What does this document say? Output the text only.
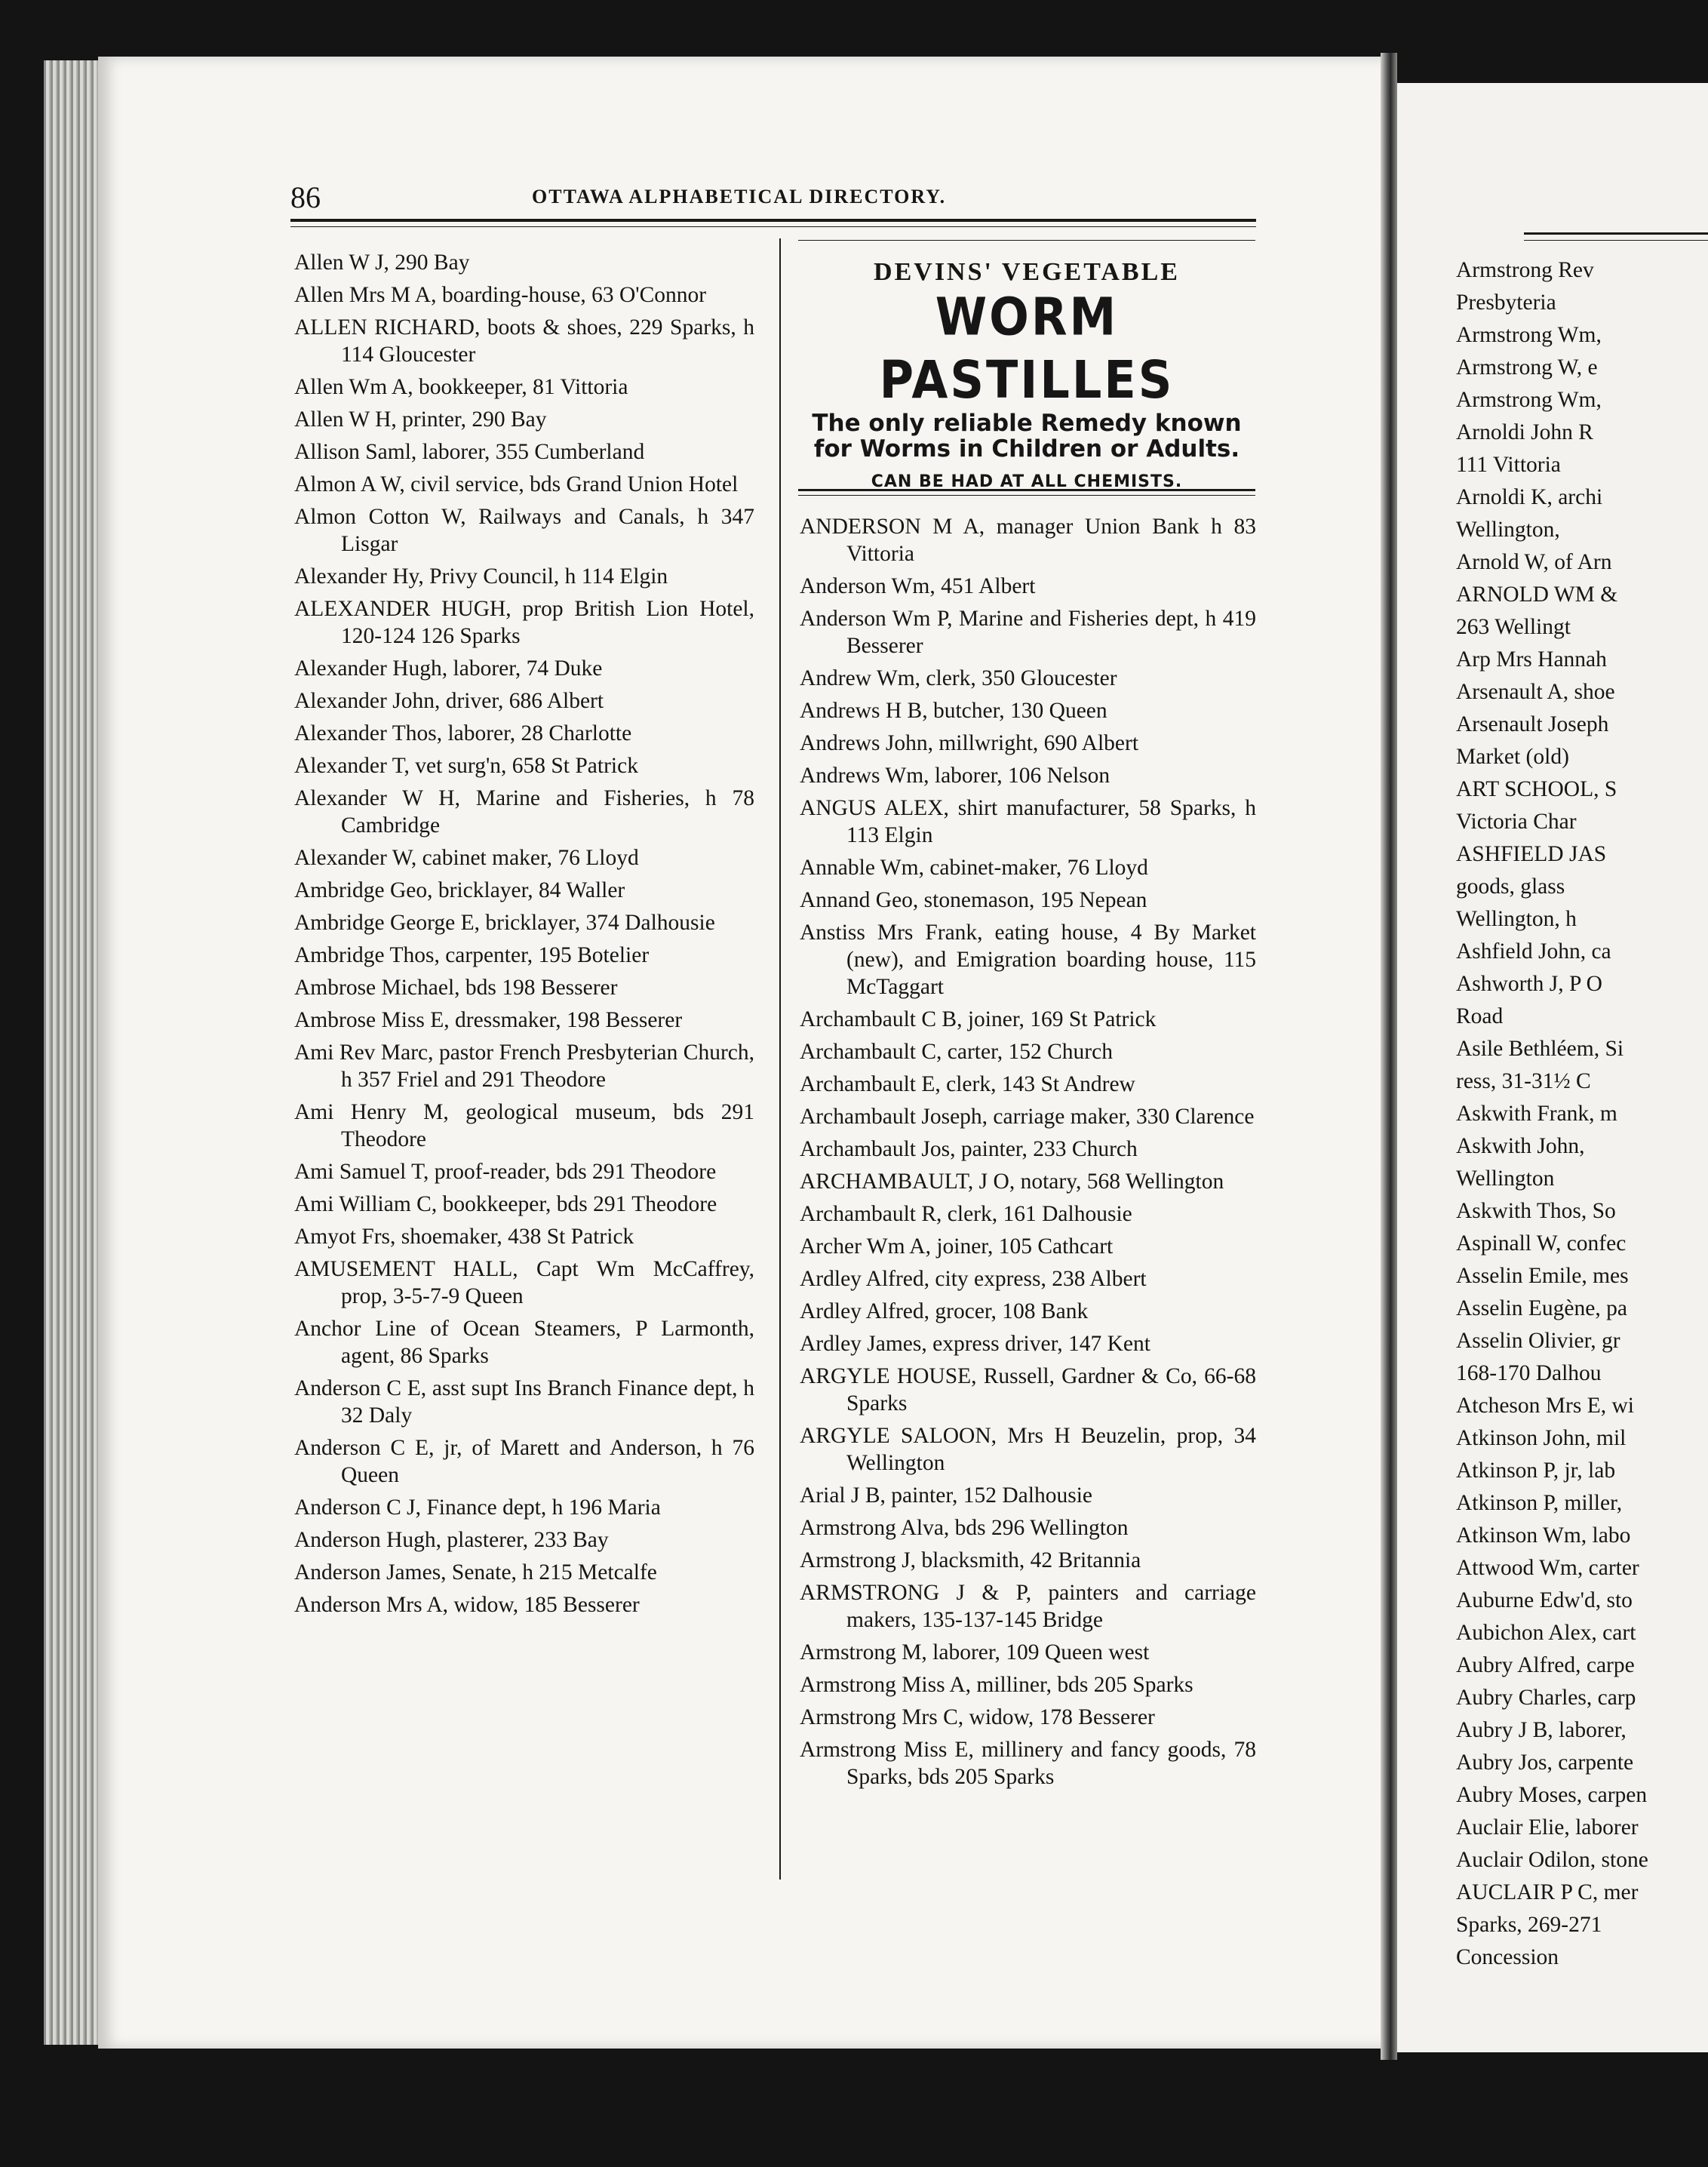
86	OTTAWA ALPHABETICAL DIRECTORY.
Allen W J, 290 Bay
Allen Mrs M A, boarding-house, 63 O'Connor
ALLEN RICHARD, boots & shoes, 229 Sparks, h 114 Gloucester
Allen Wm A, bookkeeper, 81 Vittoria
Allen W H, printer, 290 Bay
Allison Saml, laborer, 355 Cumberland
Almon A W, civil service, bds Grand Union Hotel
Almon Cotton W, Railways and Canals, h 347 Lisgar
Alexander Hy, Privy Council, h 114 Elgin
ALEXANDER HUGH, prop British Lion Hotel, 120-124 126 Sparks
Alexander Hugh, laborer, 74 Duke
Alexander John, driver, 686 Albert
Alexander Thos, laborer, 28 Charlotte
Alexander T, vet surg'n, 658 St Patrick
Alexander W H, Marine and Fisheries, h 78 Cambridge
Alexander W, cabinet maker, 76 Lloyd
Ambridge Geo, bricklayer, 84 Waller
Ambridge George E, bricklayer, 374 Dalhousie
Ambridge Thos, carpenter, 195 Botelier
Ambrose Michael, bds 198 Besserer
Ambrose Miss E, dressmaker, 198 Besserer
Ami Rev Marc, pastor French Presbyterian Church, h 357 Friel and 291 Theodore
Ami Henry M, geological museum, bds 291 Theodore
Ami Samuel T, proof-reader, bds 291 Theodore
Ami William C, bookkeeper, bds 291 Theodore
Amyot Frs, shoemaker, 438 St Patrick
AMUSEMENT HALL, Capt Wm McCaffrey, prop, 3-5-7-9 Queen
Anchor Line of Ocean Steamers, P Larmonth, agent, 86 Sparks
Anderson C E, asst supt Ins Branch Finance dept, h 32 Daly
Anderson C E, jr, of Marett and Anderson, h 76 Queen
Anderson C J, Finance dept, h 196 Maria
Anderson Hugh, plasterer, 233 Bay
Anderson James, Senate, h 215 Metcalfe
Anderson Mrs A, widow, 185 Besserer
DEVINS' VEGETABLE
WORM PASTILLES
The only reliable Remedy known for Worms in Children or Adults.
CAN BE HAD AT ALL CHEMISTS.
ANDERSON M A, manager Union Bank h 83 Vittoria
Anderson Wm, 451 Albert
Anderson Wm P, Marine and Fisheries dept, h 419 Besserer
Andrew Wm, clerk, 350 Gloucester
Andrews H B, butcher, 130 Queen
Andrews John, millwright, 690 Albert
Andrews Wm, laborer, 106 Nelson
ANGUS ALEX, shirt manufacturer, 58 Sparks, h 113 Elgin
Annable Wm, cabinet-maker, 76 Lloyd
Annand Geo, stonemason, 195 Nepean
Anstiss Mrs Frank, eating house, 4 By Market (new), and Emigration boarding house, 115 McTaggart
Archambault C B, joiner, 169 St Patrick
Archambault C, carter, 152 Church
Archambault E, clerk, 143 St Andrew
Archambault Joseph, carriage maker, 330 Clarence
Archambault Jos, painter, 233 Church
ARCHAMBAULT, J O, notary, 568 Wellington
Archambault R, clerk, 161 Dalhousie
Archer Wm A, joiner, 105 Cathcart
Ardley Alfred, city express, 238 Albert
Ardley Alfred, grocer, 108 Bank
Ardley James, express driver, 147 Kent
ARGYLE HOUSE, Russell, Gardner & Co, 66-68 Sparks
ARGYLE SALOON, Mrs H Beuzelin, prop, 34 Wellington
Arial J B, painter, 152 Dalhousie
Armstrong Alva, bds 296 Wellington
Armstrong J, blacksmith, 42 Britannia
ARMSTRONG J & P, painters and carriage makers, 135-137-145 Bridge
Armstrong M, laborer, 109 Queen west
Armstrong Miss A, milliner, bds 205 Sparks
Armstrong Mrs C, widow, 178 Besserer
Armstrong Miss E, millinery and fancy goods, 78 Sparks, bds 205 Sparks
Armstrong Rev
Presbyteria
Armstrong Wm,
Armstrong W, e
Armstrong Wm,
Arnoldi John R
111 Vittoria
Arnoldi K, archi
Wellington,
Arnold W, of Arn
ARNOLD WM &
263 Wellingt
Arp Mrs Hannah
Arsenault A, shoe
Arsenault Joseph
Market (old)
ART SCHOOL, S
Victoria Char
ASHFIELD JAS
goods, glass
Wellington, h
Ashfield John, ca
Ashworth J, P O
Road
Asile Bethléem, Si
ress, 31-31½ C
Askwith Frank, m
Askwith John,
Wellington
Askwith Thos, So
Aspinall W, confec
Asselin Emile, mes
Asselin Eugène, pa
Asselin Olivier, gr
168-170 Dalhou
Atcheson Mrs E, wi
Atkinson John, mil
Atkinson P, jr, lab
Atkinson P, miller,
Atkinson Wm, labo
Attwood Wm, carter
Auburne Edw'd, sto
Aubichon Alex, cart
Aubry Alfred, carpe
Aubry Charles, carp
Aubry J B, laborer,
Aubry Jos, carpente
Aubry Moses, carpen
Auclair Elie, laborer
Auclair Odilon, stone
AUCLAIR P C, mer
Sparks, 269-271
Concession
